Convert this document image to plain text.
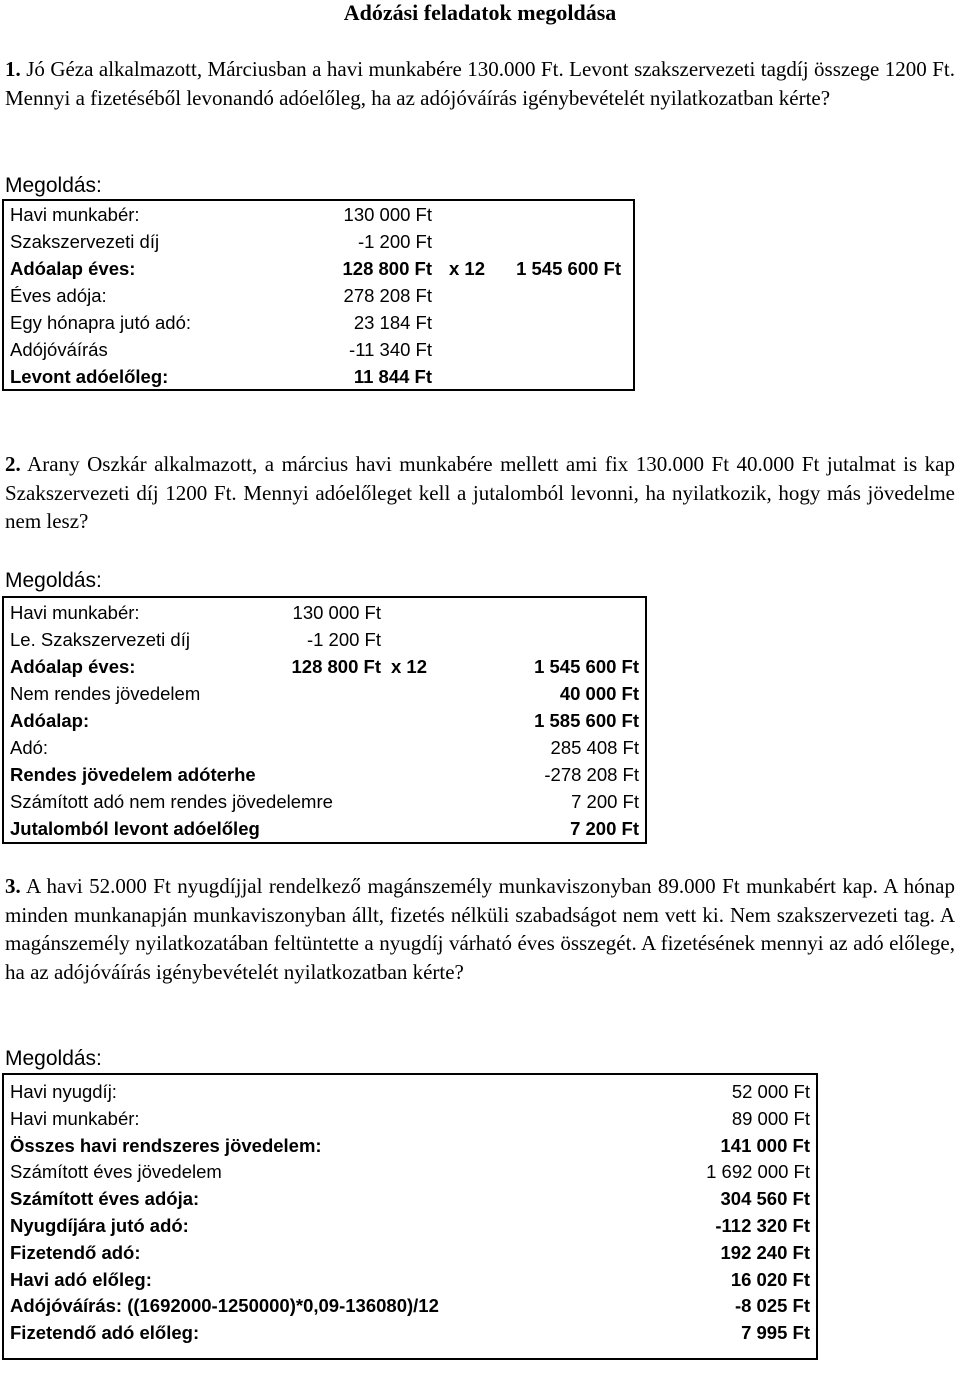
Adózási feladatok megoldása
1. Jó Géza alkalmazott, Márciusban a havi munkabére 130.000 Ft. Levont szakszervezeti tagdíj összege 1200 Ft. Mennyi a fizetéséből levonandó adóelőleg, ha az adójóváírás igénybevételét nyilatkozatban kérte?
Megoldás:
Havi munkabér:	130 000 Ft
Szakszervezeti díj	-1 200 Ft
Adóalap éves:	128 800 Ft x 12 1 545 600 Ft
Éves adója:	278 208 Ft
Egy hónapra jutó adó:	23 184 Ft
Adójóváírás	-11 340 Ft
Levont adóelőleg:	11 844 Ft
2. Arany Oszkár alkalmazott, a március havi munkabére mellett ami fix 130.000 Ft 40.000 Ft jutalmat is kap Szakszervezeti díj 1200 Ft. Mennyi adóelőleget kell a jutalomból levonni, ha nyilatkozik, hogy más jövedelme nem lesz?
Megoldás:
Havi munkabér:	130 000 Ft
Le. Szakszervezeti díj	-1 200 Ft
Adóalap éves:	128 800 Ft x 12	1 545 600 Ft
Nem rendes jövedelem	40 000 Ft
Adóalap:	1 585 600 Ft
Adó:	285 408 Ft
Rendes jövedelem adóterhe	-278 208 Ft
Számított adó nem rendes jövedelemre	7 200 Ft
Jutalomból levont adóelőleg	7 200 Ft
3. A havi 52.000 Ft nyugdíjjal rendelkező magánszemély munkaviszonyban 89.000 Ft munkabért kap. A hónap minden munkanapján munkaviszonyban állt, fizetés nélküli szabadságot nem vett ki. Nem szakszervezeti tag. A magánszemély nyilatkozatában feltüntette a nyugdíj várható éves összegét. A fizetésének mennyi az adó előlege, ha az adójóváírás igénybevételét nyilatkozatban kérte?
Megoldás:
Havi nyugdíj:	52 000 Ft
Havi munkabér:	89 000 Ft
Összes havi rendszeres jövedelem:	141 000 Ft
Számított éves jövedelem	1 692 000 Ft
Számított éves adója:	304 560 Ft
Nyugdíjára jutó adó:	-112 320 Ft
Fizetendő adó:	192 240 Ft
Havi adó előleg:	16 020 Ft
Adójóváírás: ((1692000-1250000)*0,09-136080)/12	-8 025 Ft
Fizetendő adó előleg:	7 995 Ft
